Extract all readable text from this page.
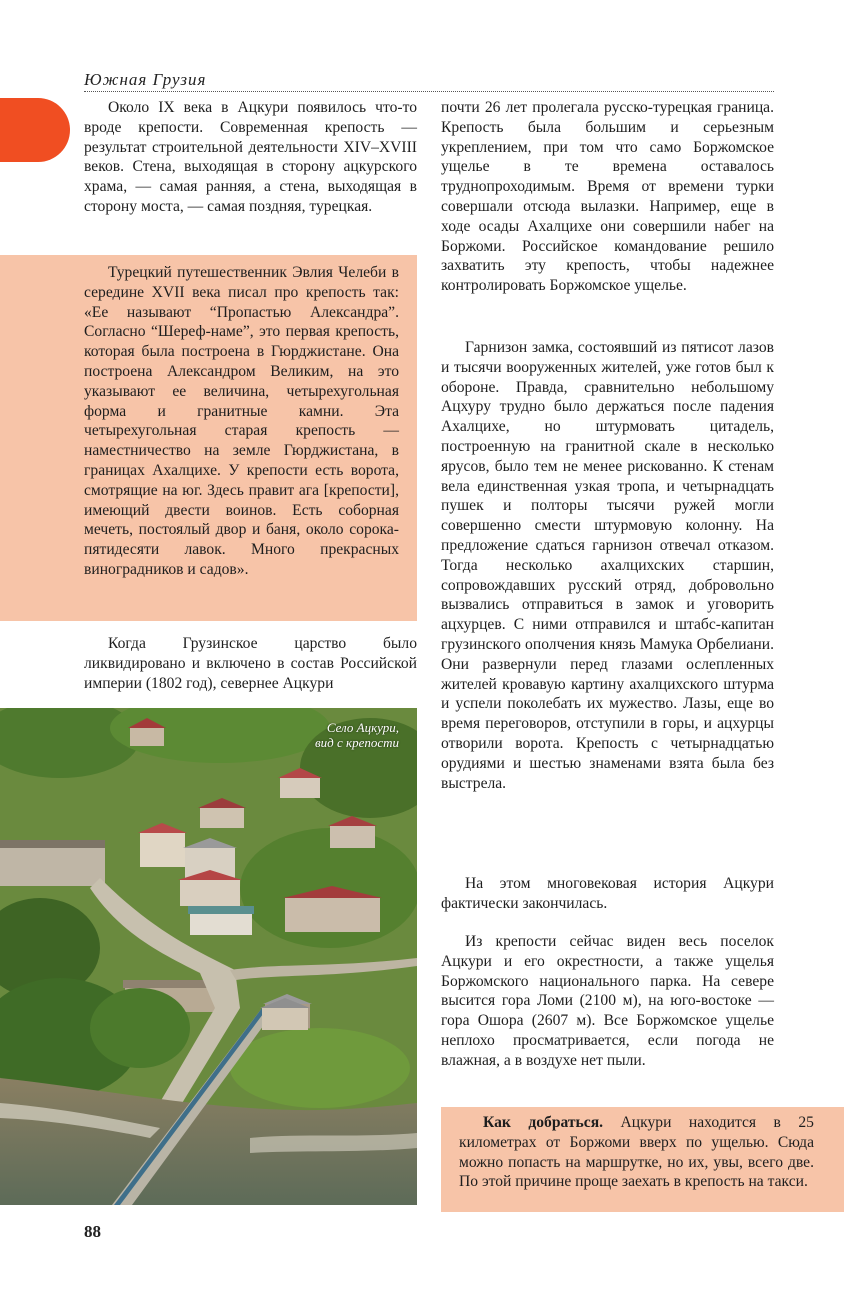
Южная Грузия

Около IX века в Ацкури появилось что-то вроде крепости. Современная крепость — результат строительной деятельности XIV–XVIII веков. Стена, выходящая в сторону ацкурского храма, — самая ранняя, а стена, выходящая в сторону моста, — самая поздняя, турецкая.

Турецкий путешественник Эвлия Челеби в середине XVII века писал про крепость так: «Ее называют “Пропастью Александра”. Согласно “Шереф-наме”, это первая крепость, которая была построена в Гюрджистане. Она построена Александром Великим, на это указывают ее величина, четырехугольная форма и гранитные камни. Эта четырехугольная старая крепость — наместничество на земле Гюрджистана, в границах Ахалцихе. У крепости есть ворота, смотрящие на юг. Здесь правит ага [крепости], имеющий двести воинов. Есть соборная мечеть, постоялый двор и баня, около сорока-пятидесяти лавок. Много прекрасных виноградников и садов».

Когда Грузинское царство было ликвидировано и включено в состав Российской империи (1802 год), севернее Ацкури

Село Ацкури,
вид с крепости

почти 26 лет пролегала русско-турецкая граница. Крепость была большим и серьезным укреплением, при том что само Боржомское ущелье в те времена оставалось труднопроходимым. Время от времени турки совершали отсюда вылазки. Например, еще в ходе осады Ахалцихе они совершили набег на Боржоми. Российское командование решило захватить эту крепость, чтобы надежнее контролировать Боржомское ущелье.

Гарнизон замка, состоявший из пятисот лазов и тысячи вооруженных жителей, уже готов был к обороне. Правда, сравнительно небольшому Ацхуру трудно было держаться после падения Ахалцихе, но штурмовать цитадель, построенную на гранитной скале в несколько ярусов, было тем не менее рискованно. К стенам вела единственная узкая тропа, и четырнадцать пушек и полторы тысячи ружей могли совершенно смести штурмовую колонну. На предложение сдаться гарнизон отвечал отказом. Тогда несколько ахалцихских старшин, сопровождавших русский отряд, добровольно вызвались отправиться в замок и уговорить ацхурцев. С ними отправился и штабс-капитан грузинского ополчения князь Мамука Орбелиани. Они развернули перед глазами ослепленных жителей кровавую картину ахалцихского штурма и успели поколебать их мужество. Лазы, еще во время переговоров, отступили в горы, и ацхурцы отворили ворота. Крепость с четырнадцатью орудиями и шестью знаменами взята была без выстрела.

На этом многовековая история Ацкури фактически закончилась.

Из крепости сейчас виден весь поселок Ацкури и его окрестности, а также ущелья Боржомского национального парка. На севере высится гора Ломи (2100 м), на юго-востоке — гора Ошора (2607 м). Все Боржомское ущелье неплохо просматривается, если погода не влажная, а в воздухе нет пыли.

Как добраться. Ацкури находится в 25 километрах от Боржоми вверх по ущелью. Сюда можно попасть на маршрутке, но их, увы, всего две. По этой причине проще заехать в крепость на такси.

88
